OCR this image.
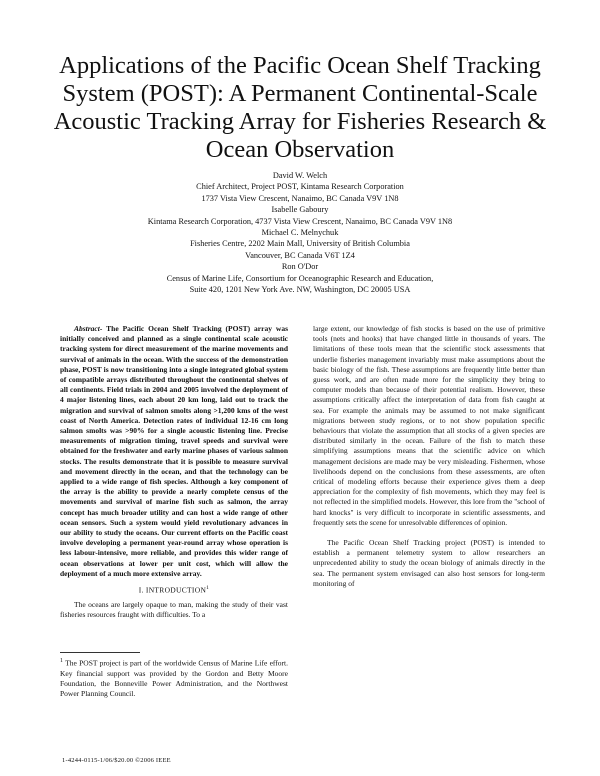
Applications of the Pacific Ocean Shelf Tracking System (POST): A Permanent Continental-Scale Acoustic Tracking Array for Fisheries Research & Ocean Observation
David W. Welch
Chief Architect, Project POST, Kintama Research Corporation
1737 Vista View Crescent, Nanaimo, BC Canada V9V 1N8
Isabelle Gaboury
Kintama Research Corporation, 4737 Vista View Crescent, Nanaimo, BC Canada V9V 1N8
Michael C. Melnychuk
Fisheries Centre, 2202 Main Mall, University of British Columbia
Vancouver, BC Canada V6T 1Z4
Ron O'Dor
Census of Marine Life, Consortium for Oceanographic Research and Education,
Suite 420, 1201 New York Ave. NW, Washington, DC 20005 USA

Abstract- The Pacific Ocean Shelf Tracking (POST) array was initially conceived and planned as a single continental scale acoustic tracking system for direct measurement of the marine movements and survival of animals in the ocean. With the success of the demonstration phase, POST is now transitioning into a single integrated global system of compatible arrays distributed throughout the continental shelves of all continents. Field trials in 2004 and 2005 involved the deployment of 4 major listening lines, each about 20 km long, laid out to track the migration and survival of salmon smolts along >1,200 kms of the west coast of North America. Detection rates of individual 12-16 cm long salmon smolts was >90% for a single acoustic listening line. Precise measurements of migration timing, travel speeds and survival were obtained for the freshwater and early marine phases of various salmon stocks. The results demonstrate that it is possible to measure survival and movement directly in the ocean, and that the technology can be applied to a wide range of fish species. Although a key component of the array is the ability to provide a nearly complete census of the movements and survival of marine fish such as salmon, the array concept has much broader utility and can host a wide range of other ocean sensors. Such a system would yield revolutionary advances in our ability to study the oceans. Our current efforts on the Pacific coast involve developing a permanent year-round array whose operation is less labour-intensive, more reliable, and provides this wider range of ocean observations at lower per unit cost, which will allow the deployment of a much more extensive array.

I. INTRODUCTION$^1$

The oceans are largely opaque to man, making the study of their vast fisheries resources fraught with difficulties. To a

$^1$ The POST project is part of the worldwide Census of Marine Life effort. Key financial support was provided by the Gordon and Betty Moore Foundation, the Bonneville Power Administration, and the Northwest Power Planning Council.

large extent, our knowledge of fish stocks is based on the use of primitive tools (nets and hooks) that have changed little in thousands of years. The limitations of these tools mean that the scientific stock assessments that underlie fisheries management invariably must make assumptions about the basic biology of the fish. These assumptions are frequently little better than guess work, and are often made more for the simplicity they bring to computer models than because of their potential realism. However, these assumptions critically affect the interpretation of data from fish caught at sea. For example the animals may be assumed to not make significant migrations between study regions, or to not show population specific behaviours that violate the assumption that all stocks of a given species are distributed similarly in the ocean. Failure of the fish to match these simplifying assumptions means that the scientific advice on which management decisions are made may be very misleading. Fishermen, whose livelihoods depend on the conclusions from these assessments, are often critical of modeling efforts because their experience gives them a deep appreciation for the complexity of fish movements, which they may feel is not reflected in the simplified models. However, this lore from the "school of hard knocks" is very difficult to incorporate in scientific assessments, and frequently sets the scene for unresolvable differences of opinion.

The Pacific Ocean Shelf Tracking project (POST) is intended to establish a permanent telemetry system to allow researchers an unprecedented ability to study the ocean biology of animals directly in the sea. The permanent system envisaged can also host sensors for long-term monitoring of

1-4244-0115-1/06/$20.00 ©2006 IEEE
